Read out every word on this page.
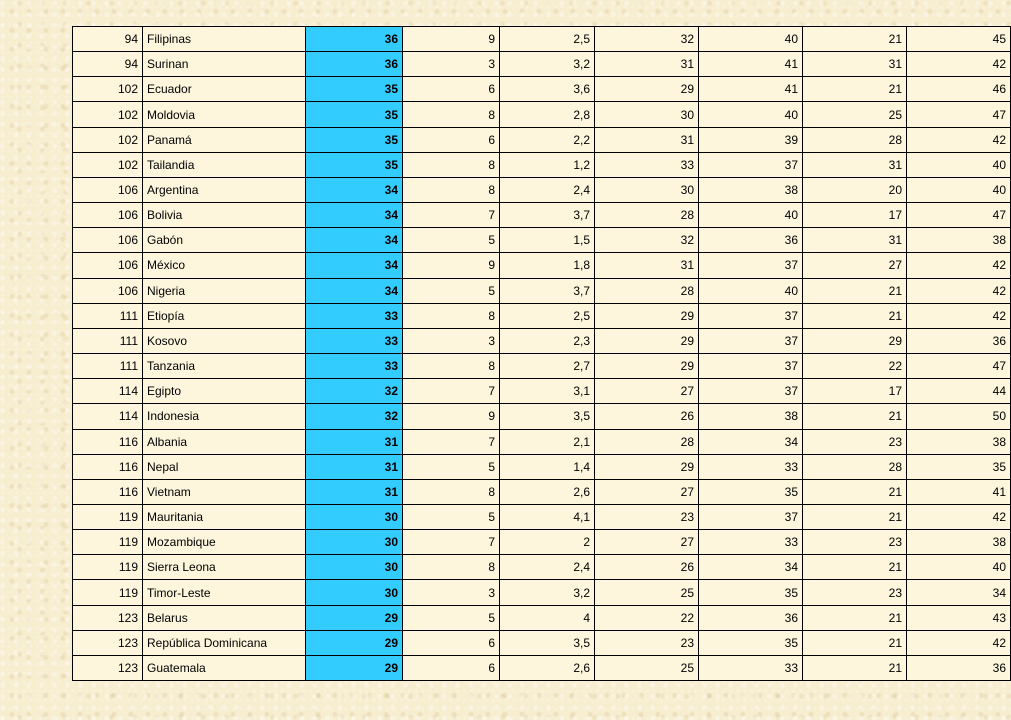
94	Filipinas	36	9	2,5	32	40	21	45
94	Surinan	36	3	3,2	31	41	31	42
102	Ecuador	35	6	3,6	29	41	21	46
102	Moldovia	35	8	2,8	30	40	25	47
102	Panamá	35	6	2,2	31	39	28	42
102	Tailandia	35	8	1,2	33	37	31	40
106	Argentina	34	8	2,4	30	38	20	40
106	Bolivia	34	7	3,7	28	40	17	47
106	Gabón	34	5	1,5	32	36	31	38
106	México	34	9	1,8	31	37	27	42
106	Nigeria	34	5	3,7	28	40	21	42
111	Etiopía	33	8	2,5	29	37	21	42
111	Kosovo	33	3	2,3	29	37	29	36
111	Tanzania	33	8	2,7	29	37	22	47
114	Egipto	32	7	3,1	27	37	17	44
114	Indonesia	32	9	3,5	26	38	21	50
116	Albania	31	7	2,1	28	34	23	38
116	Nepal	31	5	1,4	29	33	28	35
116	Vietnam	31	8	2,6	27	35	21	41
119	Mauritania	30	5	4,1	23	37	21	42
119	Mozambique	30	7	2	27	33	23	38
119	Sierra Leona	30	8	2,4	26	34	21	40
119	Timor-Leste	30	3	3,2	25	35	23	34
123	Belarus	29	5	4	22	36	21	43
123	República Dominicana	29	6	3,5	23	35	21	42
123	Guatemala	29	6	2,6	25	33	21	36
